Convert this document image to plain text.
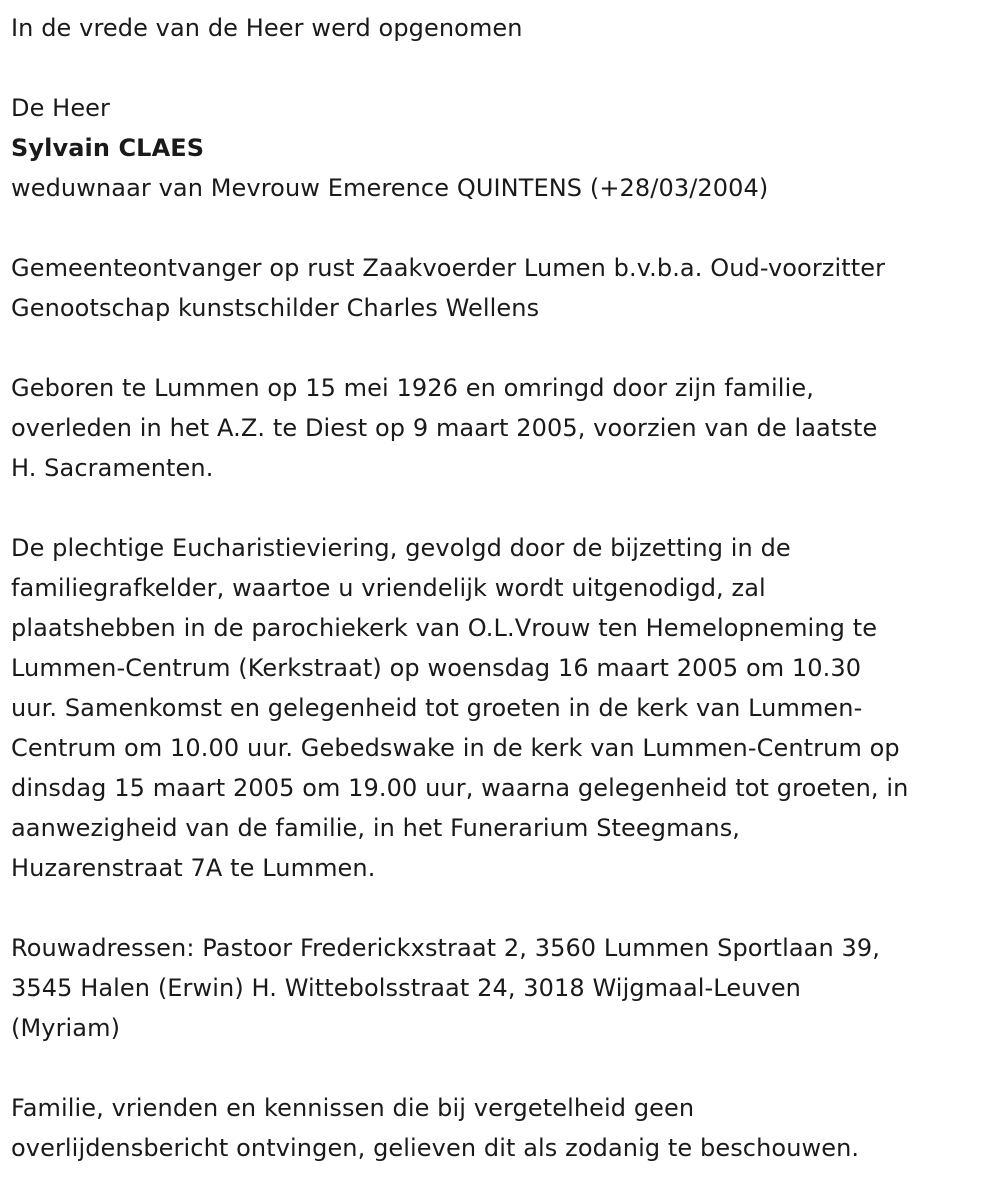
In de vrede van de Heer werd opgenomen

De Heer

Sylvain CLAES

weduwnaar van Mevrouw Emerence QUINTENS (+28/03/2004)

Gemeenteontvanger op rust Zaakvoerder Lumen b.v.b.a. Oud-voorzitter

Genootschap kunstschilder Charles Wellens

Geboren te Lummen op 15 mei 1926 en omringd door zijn familie,

overleden in het A.Z. te Diest op 9 maart 2005, voorzien van de laatste

H. Sacramenten.

De plechtige Eucharistieviering, gevolgd door de bijzetting in de

familiegrafkelder, waartoe u vriendelijk wordt uitgenodigd, zal

plaatshebben in de parochiekerk van O.L.Vrouw ten Hemelopneming te

Lummen-Centrum (Kerkstraat) op woensdag 16 maart 2005 om 10.30

uur. Samenkomst en gelegenheid tot groeten in de kerk van Lummen-

Centrum om 10.00 uur. Gebedswake in de kerk van Lummen-Centrum op

dinsdag 15 maart 2005 om 19.00 uur, waarna gelegenheid tot groeten, in

aanwezigheid van de familie, in het Funerarium Steegmans,

Huzarenstraat 7A te Lummen.

Rouwadressen: Pastoor Frederickxstraat 2, 3560 Lummen Sportlaan 39,

3545 Halen (Erwin) H. Wittebolsstraat 24, 3018 Wijgmaal-Leuven

(Myriam)

Familie, vrienden en kennissen die bij vergetelheid geen

overlijdensbericht ontvingen, gelieven dit als zodanig te beschouwen.
